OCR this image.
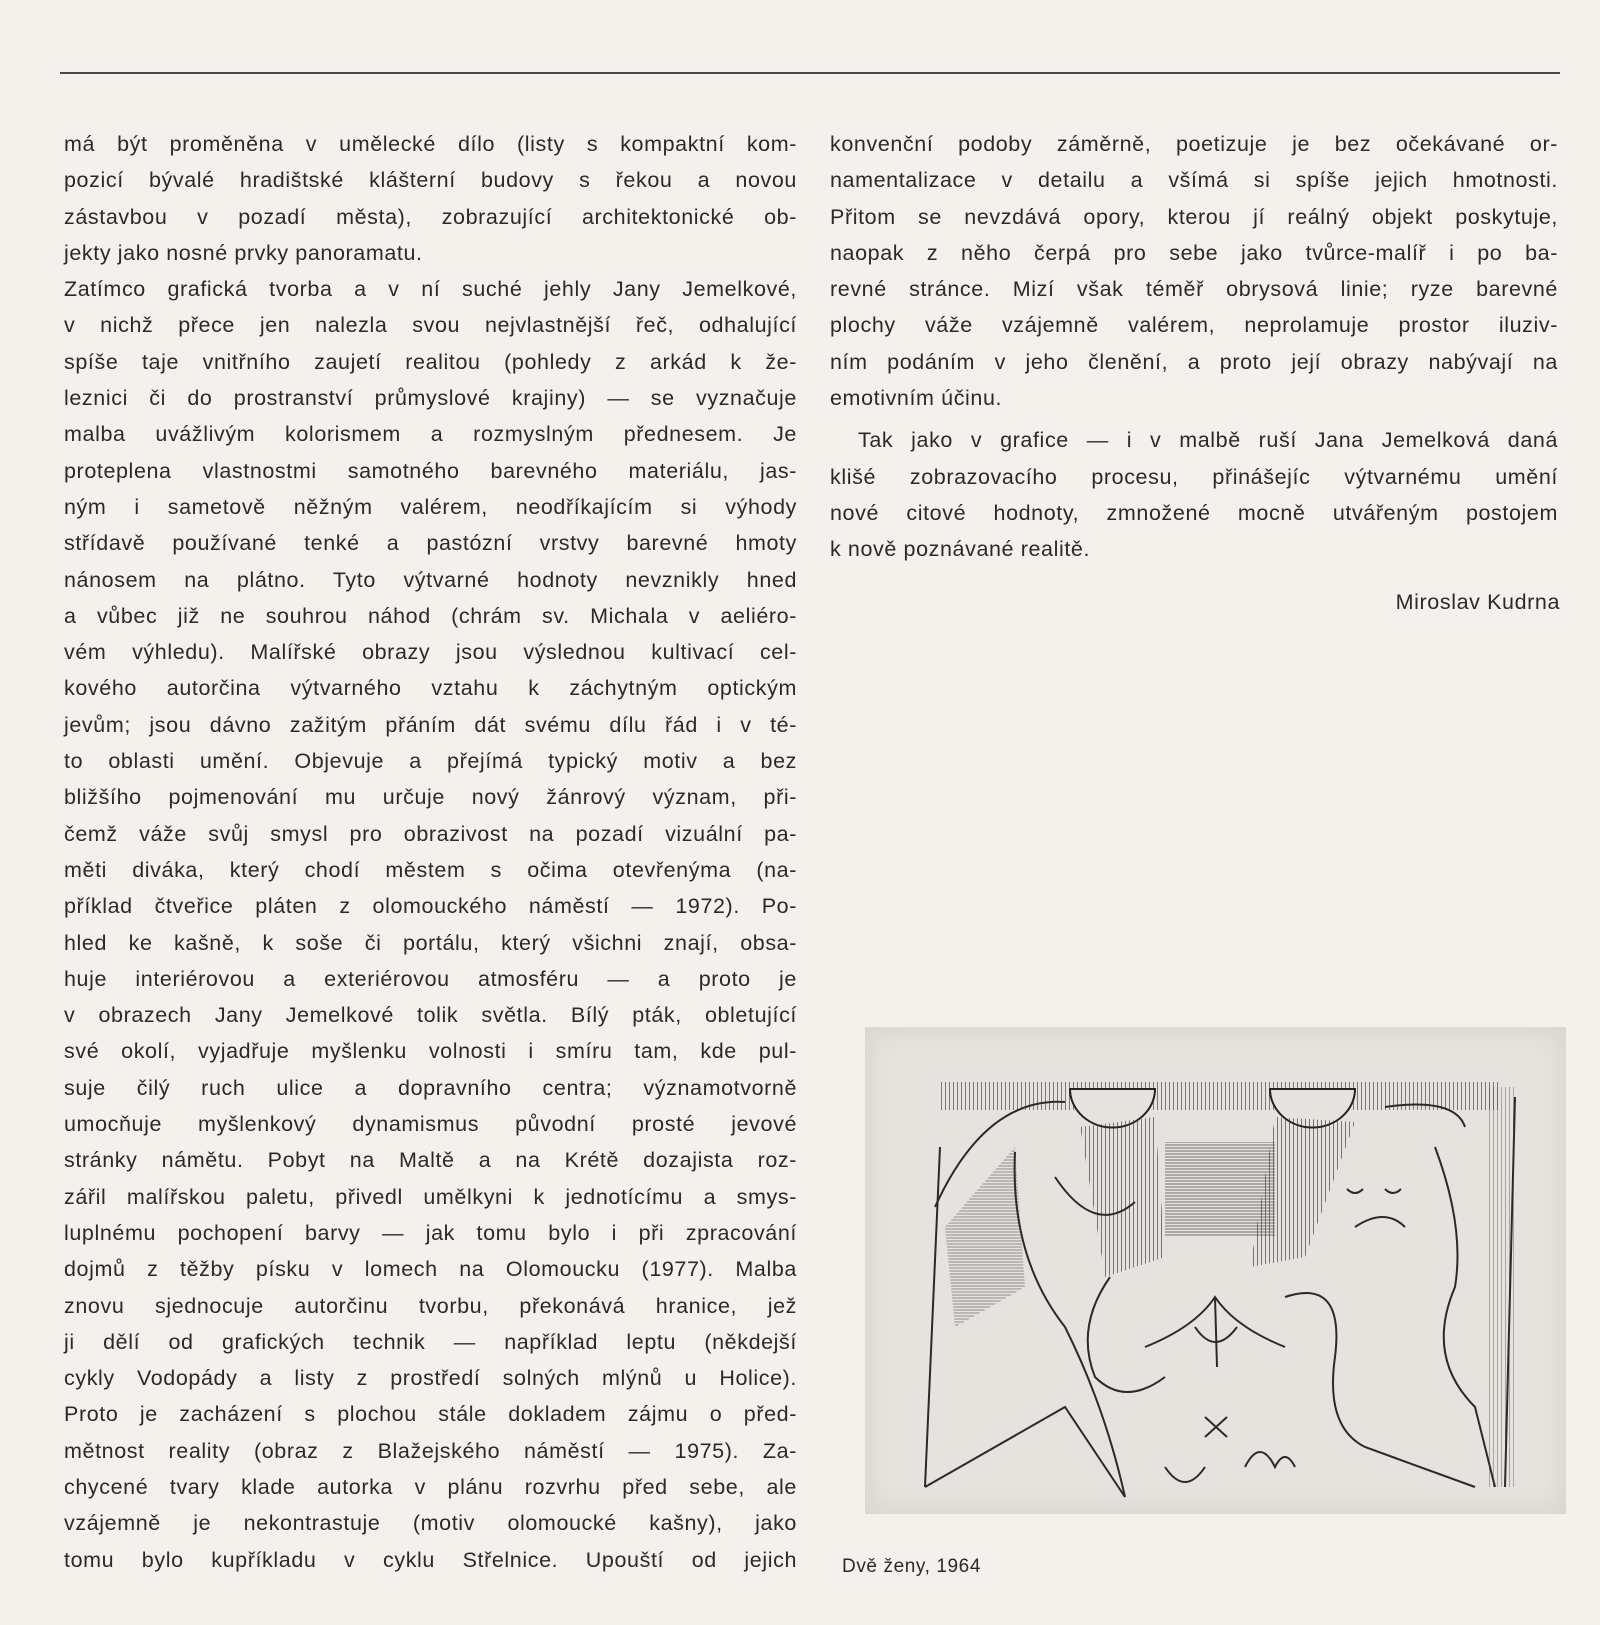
má být proměněna v umělecké dílo (listy s kompaktní kom-
pozicí bývalé hradištské klášterní budovy s řekou a novou
zástavbou v pozadí města), zobrazující architektonické ob-
jekty jako nosné prvky panoramatu.
Zatímco grafická tvorba a v ní suché jehly Jany Jemelkové,
v nichž přece jen nalezla svou nejvlastnější řeč, odhalující
spíše taje vnitřního zaujetí realitou (pohledy z arkád k že-
leznici či do prostranství průmyslové krajiny) — se vyznačuje
malba uvážlivým kolorismem a rozmyslným přednesem. Je
proteplena vlastnostmi samotného barevného materiálu, jas-
ným i sametově něžným valérem, neodříkajícím si výhody
střídavě používané tenké a pastózní vrstvy barevné hmoty
nánosem na plátno. Tyto výtvarné hodnoty nevznikly hned
a vůbec již ne souhrou náhod (chrám sv. Michala v aeliéro-
vém výhledu). Malířské obrazy jsou výslednou kultivací cel-
kového autorčina výtvarného vztahu k záchytným optickým
jevům; jsou dávno zažitým přáním dát svému dílu řád i v té-
to oblasti umění. Objevuje a přejímá typický motiv a bez
bližšího pojmenování mu určuje nový žánrový význam, při-
čemž váže svůj smysl pro obrazivost na pozadí vizuální pa-
měti diváka, který chodí městem s očima otevřenýma (na-
příklad čtveřice pláten z olomouckého náměstí — 1972). Po-
hled ke kašně, k soše či portálu, který všichni znají, obsa-
huje interiérovou a exteriérovou atmosféru — a proto je
v obrazech Jany Jemelkové tolik světla. Bílý pták, obletující
své okolí, vyjadřuje myšlenku volnosti i smíru tam, kde pul-
suje čilý ruch ulice a dopravního centra; významotvorně
umocňuje myšlenkový dynamismus původní prosté jevové
stránky námětu. Pobyt na Maltě a na Krétě dozajista roz-
zářil malířskou paletu, přivedl umělkyni k jednotícímu a smys-
luplnému pochopení barvy — jak tomu bylo i při zpracování
dojmů z těžby písku v lomech na Olomoucku (1977). Malba
znovu sjednocuje autorčinu tvorbu, překonává hranice, jež
ji dělí od grafických technik — například leptu (někdejší
cykly Vodopády a listy z prostředí solných mlýnů u Holice).
Proto je zacházení s plochou stále dokladem zájmu o před-
mětnost reality (obraz z Blažejského náměstí — 1975). Za-
chycené tvary klade autorka v plánu rozvrhu před sebe, ale
vzájemně je nekontrastuje (motiv olomoucké kašny), jako
tomu bylo kupříkladu v cyklu Střelnice. Upouští od jejich
konvenční podoby záměrně, poetizuje je bez očekávané or-
namentalizace v detailu a všímá si spíše jejich hmotnosti.
Přitom se nevzdává opory, kterou jí reálný objekt poskytuje,
naopak z něho čerpá pro sebe jako tvůrce-malíř i po ba-
revné stránce. Mizí však téměř obrysová linie; ryze barevné
plochy váže vzájemně valérem, neprolamuje prostor iluziv-
ním podáním v jeho členění, a proto její obrazy nabývají na
emotivním účinu.
Tak jako v grafice — i v malbě ruší Jana Jemelková daná
klišé zobrazovacího procesu, přinášejíc výtvarnému umění
nové citové hodnoty, zmnožené mocně utvářeným postojem
k nově poznávané realitě.
Miroslav Kudrna
Dvě ženy, 1964
